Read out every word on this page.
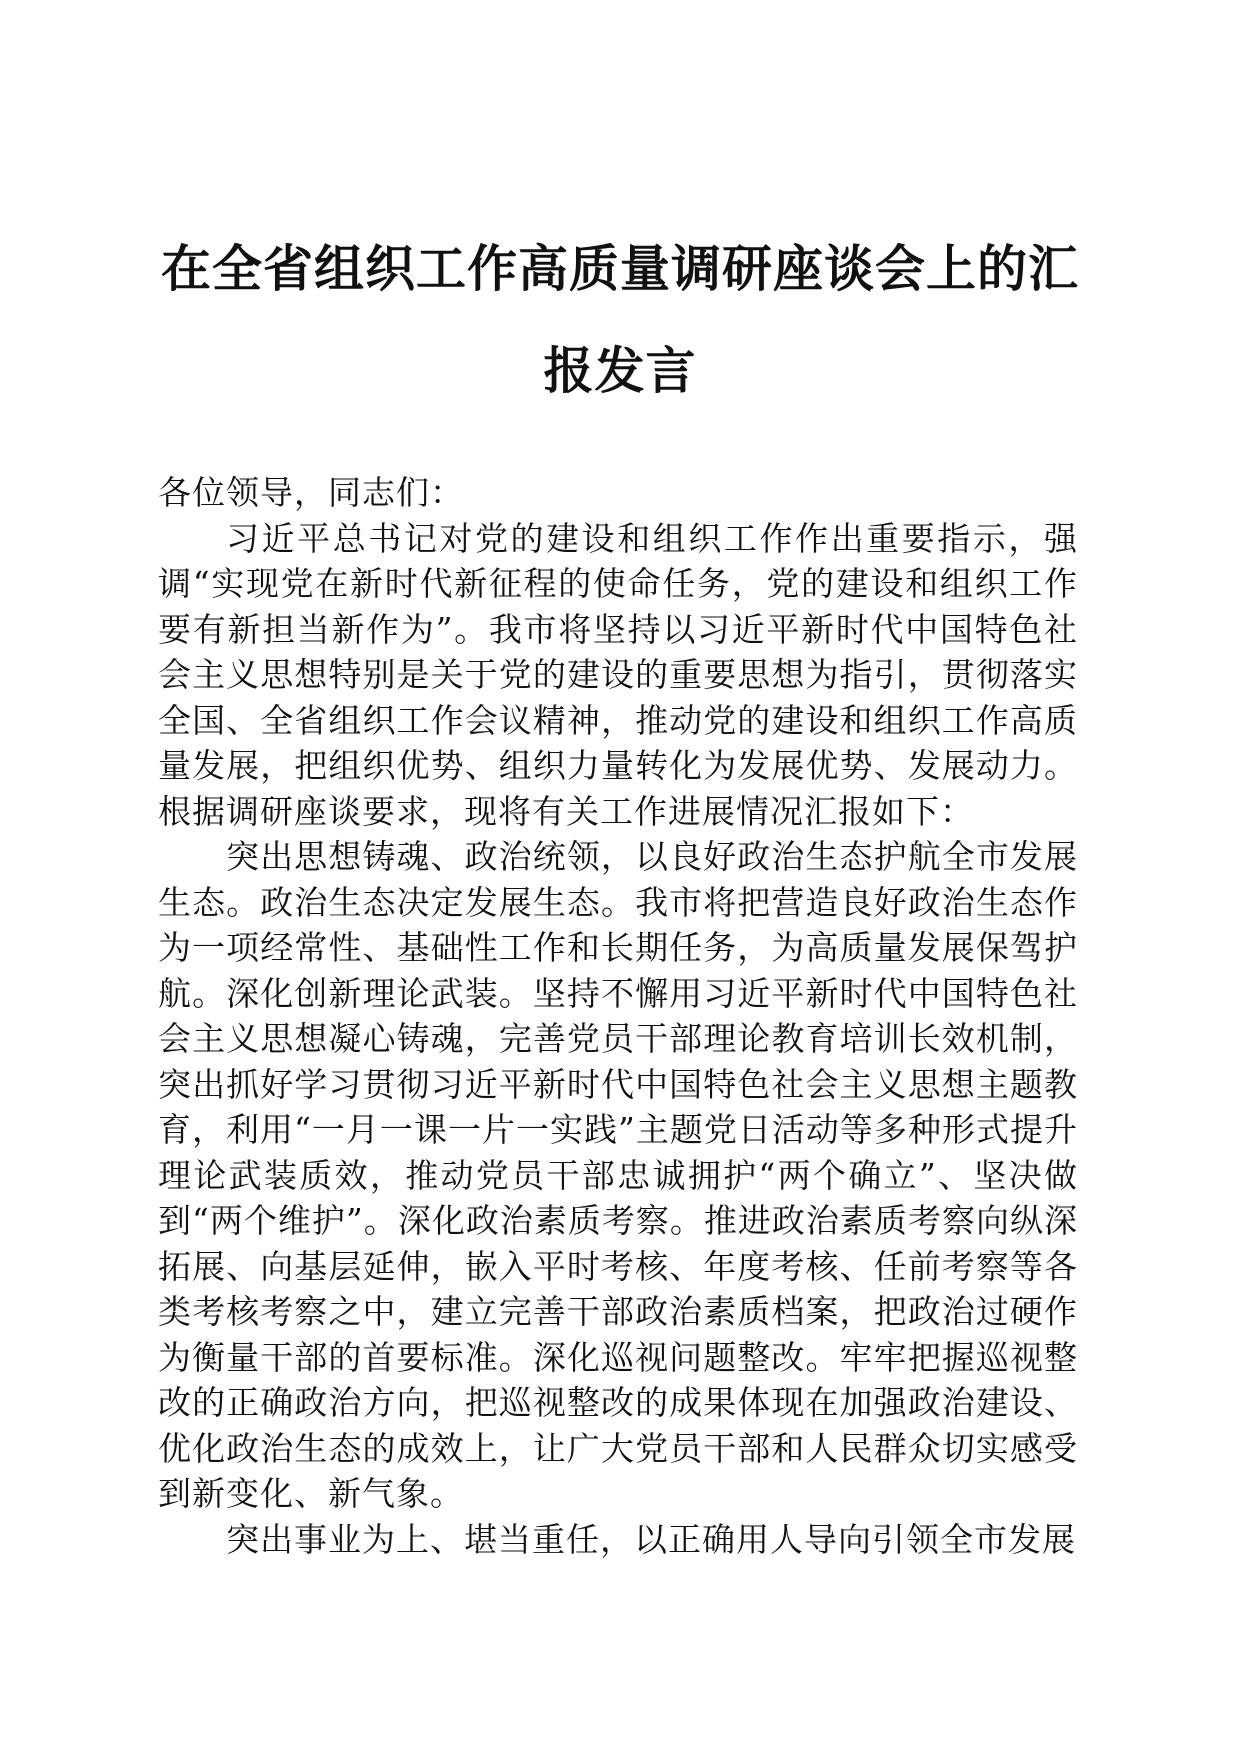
在全省组织工作高质量调研座谈会上的汇报发言

各位领导，同志们：

习近平总书记对党的建设和组织工作作出重要指示，强调“实现党在新时代新征程的使命任务，党的建设和组织工作要有新担当新作为”。我市将坚持以习近平新时代中国特色社会主义思想特别是关于党的建设的重要思想为指引，贯彻落实全国、全省组织工作会议精神，推动党的建设和组织工作高质量发展，把组织优势、组织力量转化为发展优势、发展动力。根据调研座谈要求，现将有关工作进展情况汇报如下：

突出思想铸魂、政治统领，以良好政治生态护航全市发展生态。政治生态决定发展生态。我市将把营造良好政治生态作为一项经常性、基础性工作和长期任务，为高质量发展保驾护航。深化创新理论武装。坚持不懈用习近平新时代中国特色社会主义思想凝心铸魂，完善党员干部理论教育培训长效机制，突出抓好学习贯彻习近平新时代中国特色社会主义思想主题教育，利用“一月一课一片一实践”主题党日活动等多种形式提升理论武装质效，推动党员干部忠诚拥护“两个确立”、坚决做到“两个维护”。深化政治素质考察。推进政治素质考察向纵深拓展、向基层延伸，嵌入平时考核、年度考核、任前考察等各类考核考察之中，建立完善干部政治素质档案，把政治过硬作为衡量干部的首要标准。深化巡视问题整改。牢牢把握巡视整改的正确政治方向，把巡视整改的成果体现在加强政治建设、优化政治生态的成效上，让广大党员干部和人民群众切实感受到新变化、新气象。

突出事业为上、堪当重任，以正确用人导向引领全市发展
